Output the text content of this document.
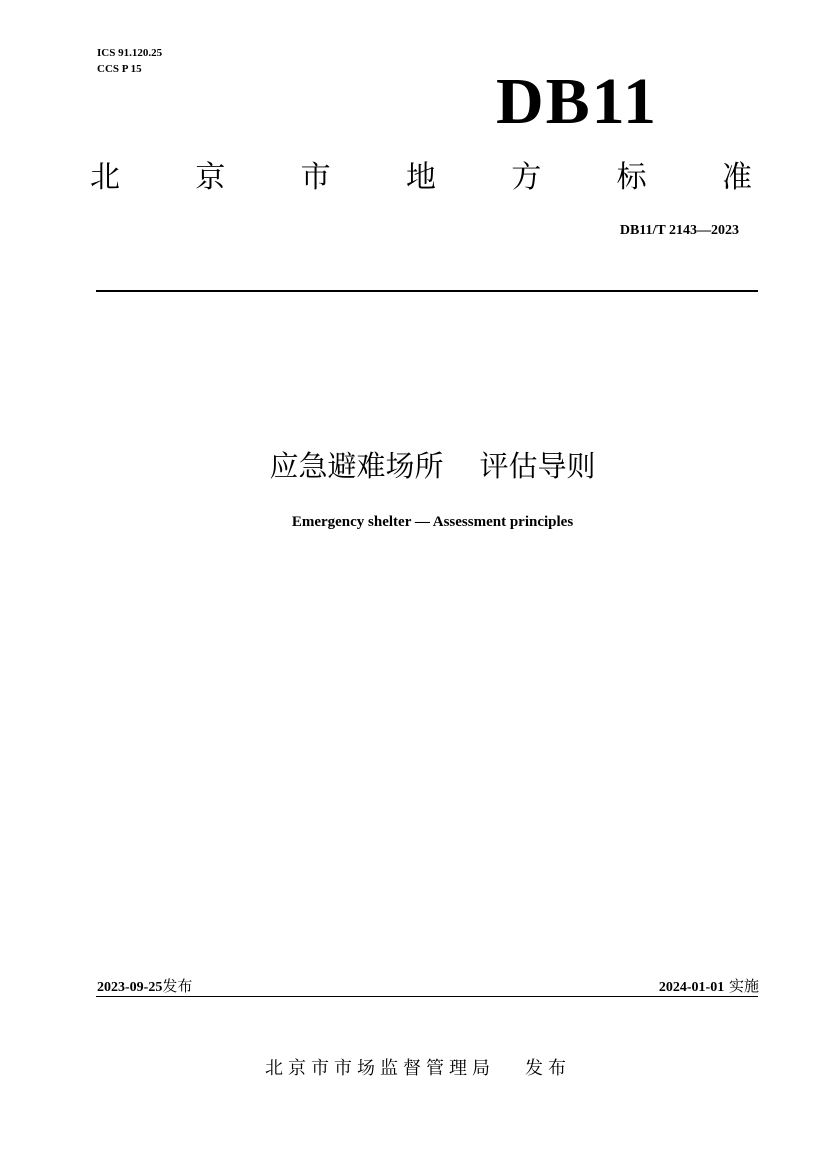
ICS 91.120.25
CCS P 15	DB11
北	京	市	地	方	标	准
DB11/T 2143—2023
应急避难场所 评估导则
Emergency shelter — Assessment principles
2023-09-25发布	2024-01-01 实施
北京市市场监督管理局 发布
